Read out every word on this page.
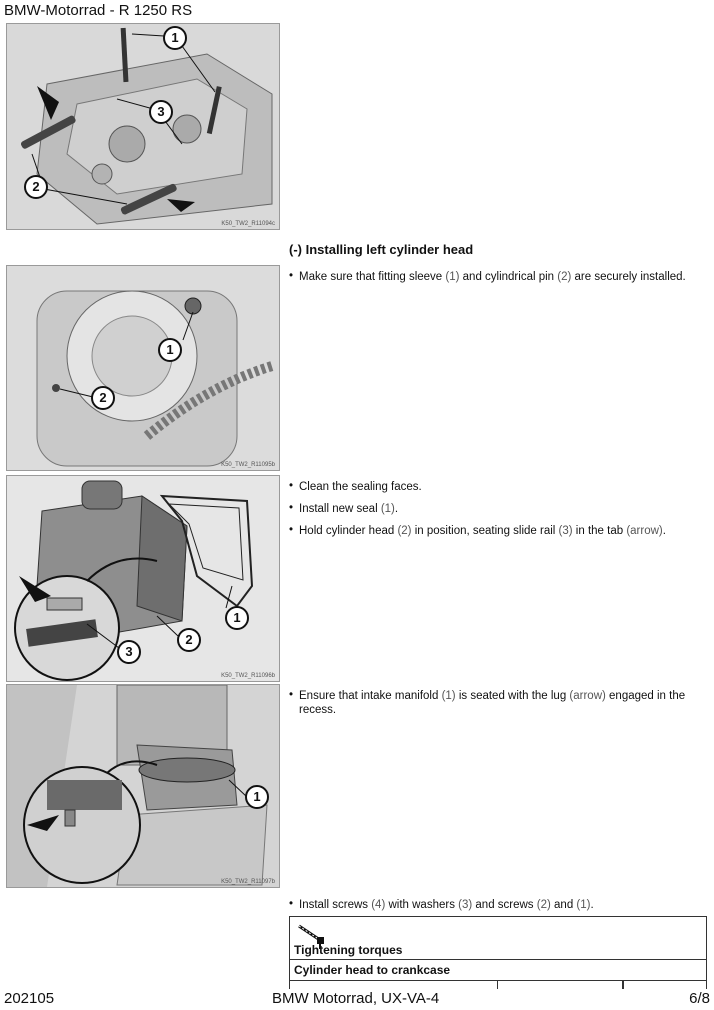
BMW-Motorrad - R 1250 RS
1
3
2
K50_TW2_R11094c
(-) Installing left cylinder head
1
2
K50_TW2_R11095b
1
2
3
K50_TW2_R11096b
1
K50_TW2_R11097b
• Make sure that fitting sleeve (1) and cylindrical pin (2) are securely installed.
• Clean the sealing faces.
• Install new seal (1).
• Hold cylinder head (2) in position, seating slide rail (3) in the tab (arrow).
• Ensure that intake manifold (1) is seated with the lug (arrow) engaged in the recess.
• Install screws (4) with washers (3) and screws (2) and (1).
Tightening torques
Cylinder head to crankcase
202105	BMW Motorrad, UX-VA-4	6/8
